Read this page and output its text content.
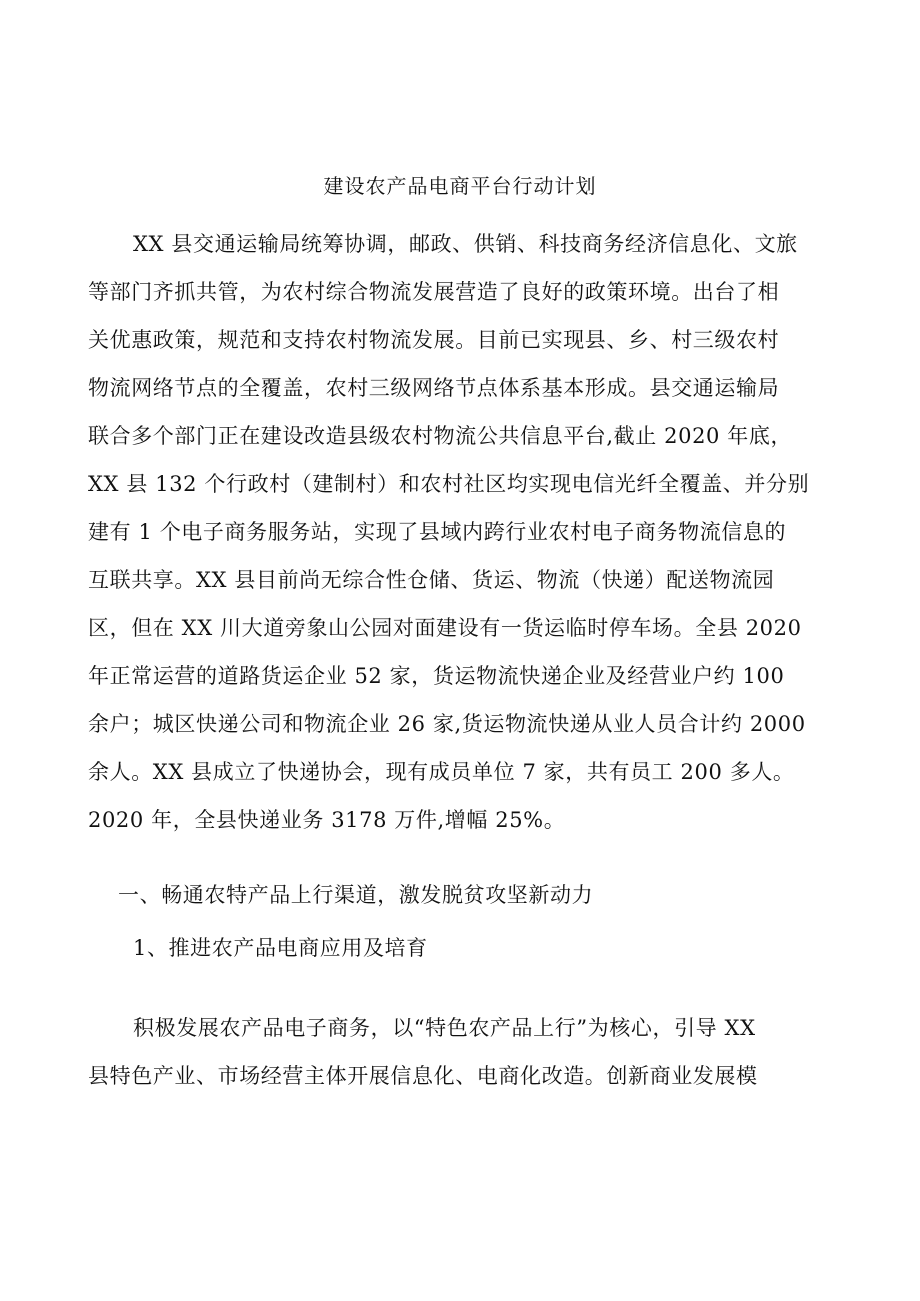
建设农产品电商平台行动计划
XX 县交通运输局统筹协调，邮政、供销、科技商务经济信息化、文旅
等部门齐抓共管，为农村综合物流发展营造了良好的政策环境。出台了相
关优惠政策，规范和支持农村物流发展。目前已实现县、乡、村三级农村
物流网络节点的全覆盖，农村三级网络节点体系基本形成。县交通运输局
联合多个部门正在建设改造县级农村物流公共信息平台,截止 2020 年底，
XX 县 132 个行政村（建制村）和农村社区均实现电信光纤全覆盖、并分别
建有 1 个电子商务服务站，实现了县域内跨行业农村电子商务物流信息的
互联共享。XX 县目前尚无综合性仓储、货运、物流（快递）配送物流园
区，但在 XX 川大道旁象山公园对面建设有一货运临时停车场。全县 2020
年正常运营的道路货运企业 52 家，货运物流快递企业及经营业户约 100
余户；城区快递公司和物流企业 26 家,货运物流快递从业人员合计约 2000
余人。XX 县成立了快递协会，现有成员单位 7 家，共有员工 200 多人。
2020 年，全县快递业务 3178 万件,增幅 25%。
一、畅通农特产品上行渠道，激发脱贫攻坚新动力
1、推进农产品电商应用及培育
积极发展农产品电子商务，以“特色农产品上行”为核心，引导 XX
县特色产业、市场经营主体开展信息化、电商化改造。创新商业发展模
